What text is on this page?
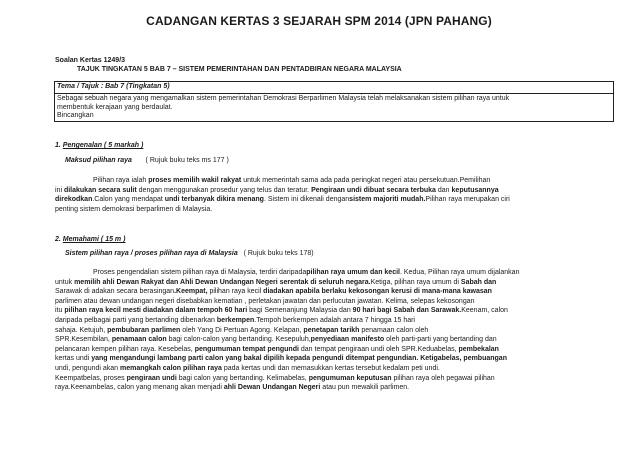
CADANGAN KERTAS 3 SEJARAH SPM 2014 (JPN PAHANG)
Soalan Kertas 1249/3
TAJUK TINGKATAN 5 BAB 7 – SISTEM PEMERINTAHAN DAN PENTADBIRAN NEGARA MALAYSIA
Tema / Tajuk : Bab 7 (Tingkatan 5)
Sebagai sebuah negara yang mengamalkan sistem pemerintahan Demokrasi Berparlimen Malaysia telah melaksanakan sistem pilihan raya untuk
membentuk kerajaan yang berdaulat.
Bincangkan
1. Pengenalan ( 5 markah )
Maksud pilihan raya ( Rujuk buku teks ms 177 )
Pilihan raya ialah proses memilih wakil rakyat untuk memerintah sama ada pada peringkat negeri atau persekutuan.Pemilihan
ini dilakukan secara sulit dengan menggunakan prosedur yang telus dan teratur. Pengiraan undi dibuat secara terbuka dan keputusannya
direkodkan.Calon yang mendapat undi terbanyak dikira menang. Sistem ini dikenali dengansistem majoriti mudah.Pilihan raya merupakan ciri
penting sistem demokrasi berparlimen di Malaysia.
2. Memahami ( 15 m )
Sistem pilihan raya / proses pilihan raya di Malaysia ( Rujuk buku teks 178)
Proses pengendalian sistem pilihan raya di Malaysia, terdiri daripadapilihan raya umum dan kecil. Kedua, Pilihan raya umum dijalankan
untuk memilih ahli Dewan Rakyat dan Ahli Dewan Undangan Negeri serentak di seluruh negara.Ketiga, pilihan raya umum di Sabah dan
Sarawak di adakan secara berasingan.Keempat, pilihan raya kecil diadakan apabila berlaku kekosongan kerusi di mana-mana kawasan
parlimen atau dewan undangan negeri disebabkan kematian , perletakan jawatan dan perlucutan jawatan. Kelima, selepas kekosongan
itu pilihan raya kecil mesti diadakan dalam tempoh 60 hari bagi Semenanjung Malaysia dan 90 hari bagi Sabah dan Sarawak.Keenam, calon
daripada pelbagai parti yang bertanding dibenarkan berkempen.Tempoh berkempen adalah antara 7 hingga 15 hari
sahaja. Ketujuh, pembubaran parlimen oleh Yang Di Pertuan Agong. Kelapan, penetapan tarikh penamaan calon oleh
SPR.Kesembilan, penamaan calon bagi calon-calon yang bertanding. Kesepuluh,penyediaan manifesto oleh parti-parti yang bertanding dan
pelancaran kempen pilihan raya. Kesebelas, pengumuman tempat pengundi dan tempat pengiraan undi oleh SPR.Keduabelas, pembekalan
kertas undi yang mengandungi lambang parti calon yang bakal dipilih kepada pengundi ditempat pengundian. Ketigabelas, pembuangan
undi, pengundi akan memangkah calon pilihan raya pada kertas undi dan memasukkan kertas tersebut kedalam peti undi.
Keempatbelas, proses pengiraan undi bagi calon yang bertanding. Kelimabelas, pengumuman keputusan pilihan raya oleh pegawai pilihan
raya.Keenambelas, calon yang menang akan menjadi ahli Dewan Undangan Negeri atau pun mewakili parlimen.
